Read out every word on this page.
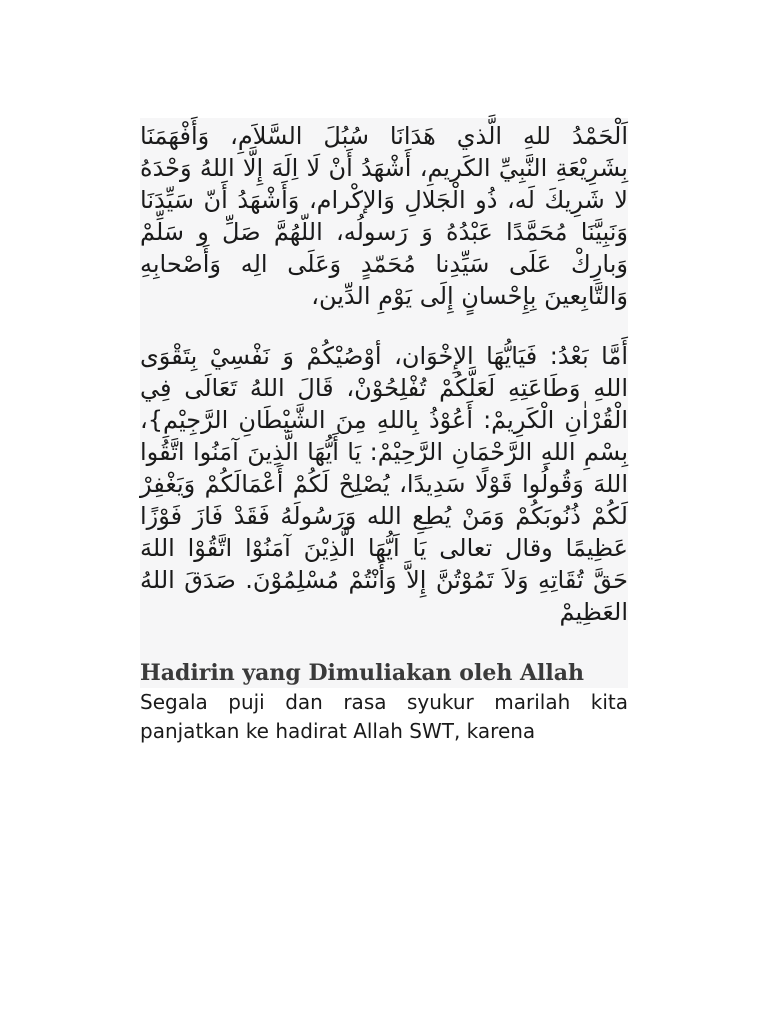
اَلْحَمْدُ للهِ الَّذي هَدَانَا سُبُلَ السَّلاَمِ، وَأَفْهَمَنَا بِشَرِيْعَةِ النَّبِيِّ الكَريمِ، أَشْهَدُ أَنْ لَا اِلَهَ إِلَّا اللهُ وَحْدَهُ لا شَرِيكَ لَه، ذُو الْجَلالِ وَالإكْرام، وَأَشْهَدُ أَنّ سَيِّدَنَا وَنَبِيَّنَا مُحَمَّدًا عَبْدُهُ وَ رَسولُه، اللّهُمَّ صَلِّ و سَلِّمْ وَبارِكْ عَلَى سَيِّدِنا مُحَمّدٍ وَعَلَى الِه وَأَصْحابِهِ وَالتَّابِعينَ بِإِحْسانٍ إِلَى يَوْمِ الدِّين،

أَمَّا بَعْدُ: فَيَايُّهَا الإِخْوَان، أوْصُيْكُمْ وَ نَفْسِيْ بِتَقْوَى اللهِ وَطَاعَتِهِ لَعَلَّكُمْ تُفْلِحُوْنْ، قَالَ اللهُ تَعَالَى فِي الْقُرْاٰنِ الْكَرِيمْ: أَعُوْذُ بِاللهِ مِنَ الشَّيْطَانِ الرَّجِيْمِ}، بِسْمِ اللهِ الرَّحْمَانِ الرَّحِيْمْ: يَا أَيُّهَا الَّذِينَ آمَنُوا اتَّقُوا اللهَ وَقُولُوا قَوْلًا سَدِيدًا، يُصْلِحْ لَكُمْ أَعْمَالَكُمْ وَيَغْفِرْ لَكُمْ ذُنُوبَكُمْ وَمَنْ يُطِعِ الله وَرَسُولَهُ فَقَدْ فَازَ فَوْزًا عَظِيمًا وقال تعالى يَا اَيُّهَا الَّذِيْنَ آمَنُوْا اتَّقُوْا اللهَ حَقَّ تُقَاتِهِ وَلاَ تَمُوْتُنَّ إِلاَّ وَأَنْتُمْ مُسْلِمُوْنَ. صَدَقَ اللهُ العَظِيمْ

Hadirin yang Dimuliakan oleh Allah

Segala puji dan rasa syukur marilah kita panjatkan ke hadirat Allah SWT, karena
